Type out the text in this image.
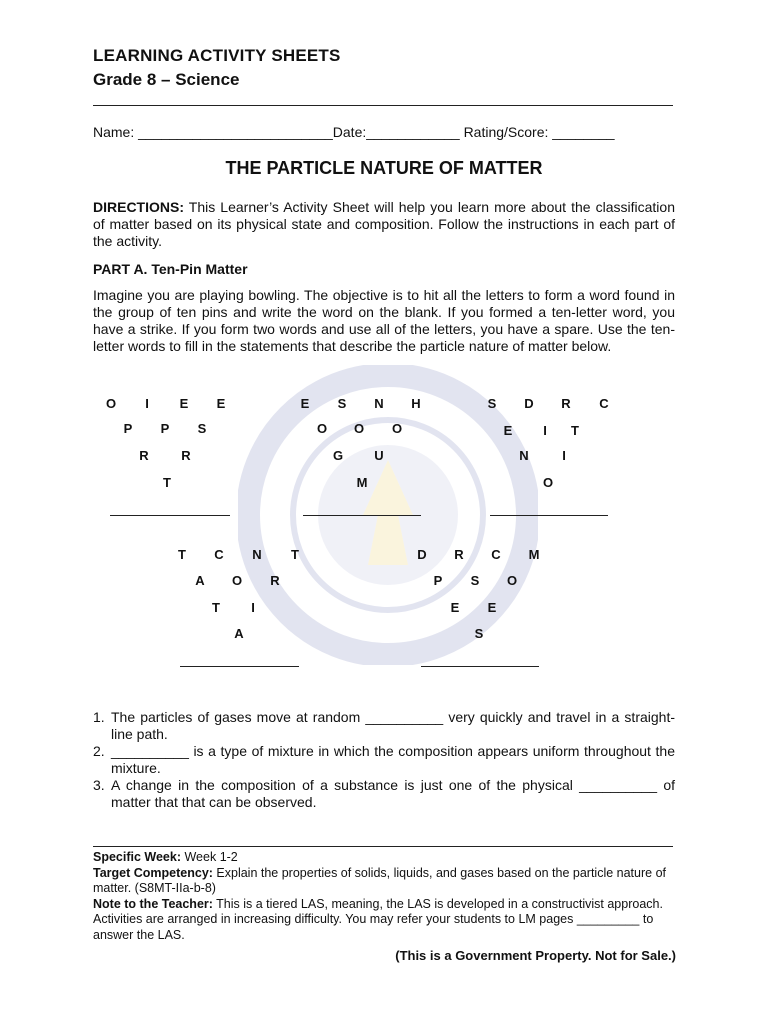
LEARNING ACTIVITY SHEETS
Grade 8 – Science
Name: _________________________Date:____________ Rating/Score: ________
THE PARTICLE NATURE OF MATTER
DIRECTIONS: This Learner’s Activity Sheet will help you learn more about the classification of matter based on its physical state and composition. Follow the instructions in each part of the activity.
PART A. Ten-Pin Matter
Imagine you are playing bowling. The objective is to hit all the letters to form a word found in the group of ten pins and write the word on the blank. If you formed a ten-letter word, you have a strike. If you form two words and use all of the letters, you have a spare. Use the ten-letter words to fill in the statements that describe the particle nature of matter below.
O	I	E E
P P S
R	R
T
E S N H
O O O
G U
M
S D R C
E	I	T
N	I
O
T C N T
A O R
T	I
A
D R C M
P S O
E E
S
1. The particles of gases move at random __________ very quickly and travel in a straight-line path.
2. __________ is a type of mixture in which the composition appears uniform throughout the mixture.
3. A change in the composition of a substance is just one of the physical __________ of matter that that can be observed.
Specific Week: Week 1-2
Target Competency: Explain the properties of solids, liquids, and gases based on the particle nature of matter. (S8MT-IIa-b-8)
Note to the Teacher: This is a tiered LAS, meaning, the LAS is developed in a constructivist approach. Activities are arranged in increasing difficulty. You may refer your students to LM pages _________ to answer the LAS.
(This is a Government Property. Not for Sale.)
